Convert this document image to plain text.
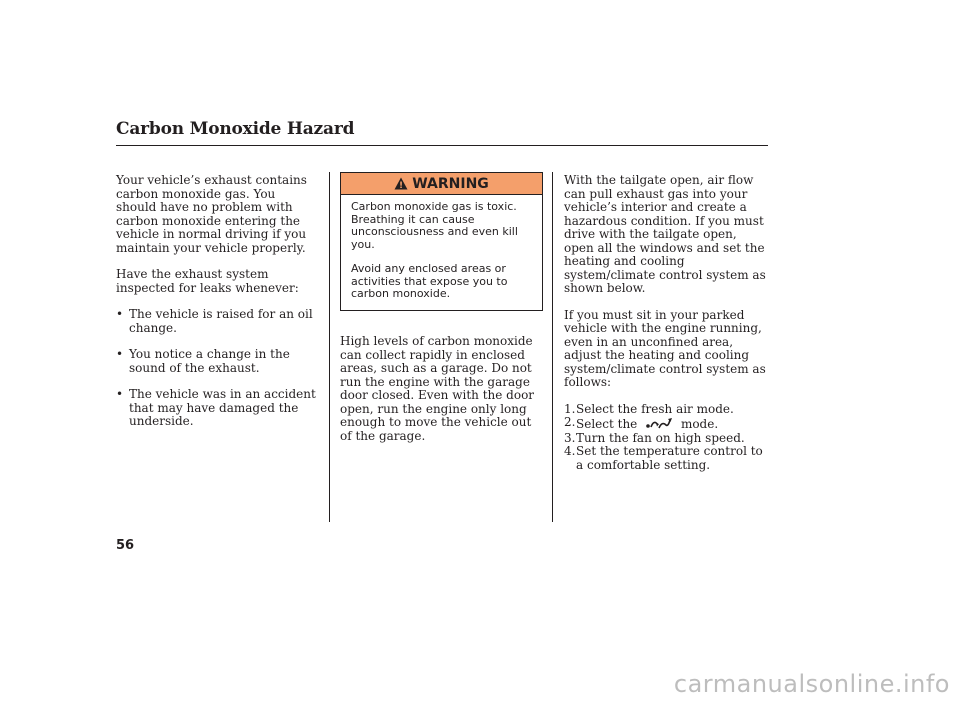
Carbon Monoxide Hazard

Your vehicle’s exhaust contains carbon monoxide gas. You should have no problem with carbon monoxide entering the vehicle in normal driving if you maintain your vehicle properly.

Have the exhaust system inspected for leaks whenever:

• The vehicle is raised for an oil change.
• You notice a change in the sound of the exhaust.
• The vehicle was in an accident that may have damaged the underside.
! WARNING

Carbon monoxide gas is toxic. Breathing it can cause unconsciousness and even kill you.

Avoid any enclosed areas or activities that expose you to carbon monoxide.

High levels of carbon monoxide can collect rapidly in enclosed areas, such as a garage. Do not run the engine with the garage door closed. Even with the door open, run the engine only long enough to move the vehicle out of the garage.

With the tailgate open, air flow can pull exhaust gas into your vehicle’s interior and create a hazardous condition. If you must drive with the tailgate open, open all the windows and set the heating and cooling system/climate control system as shown below.

If you must sit in your parked vehicle with the engine running, even in an unconfined area, adjust the heating and cooling system/climate control system as follows:

1. Select the fresh air mode.
2. Select the	mode.
3. Turn the fan on high speed.
4. Set the temperature control to a comfortable setting.
56
carmanualsonline.info
